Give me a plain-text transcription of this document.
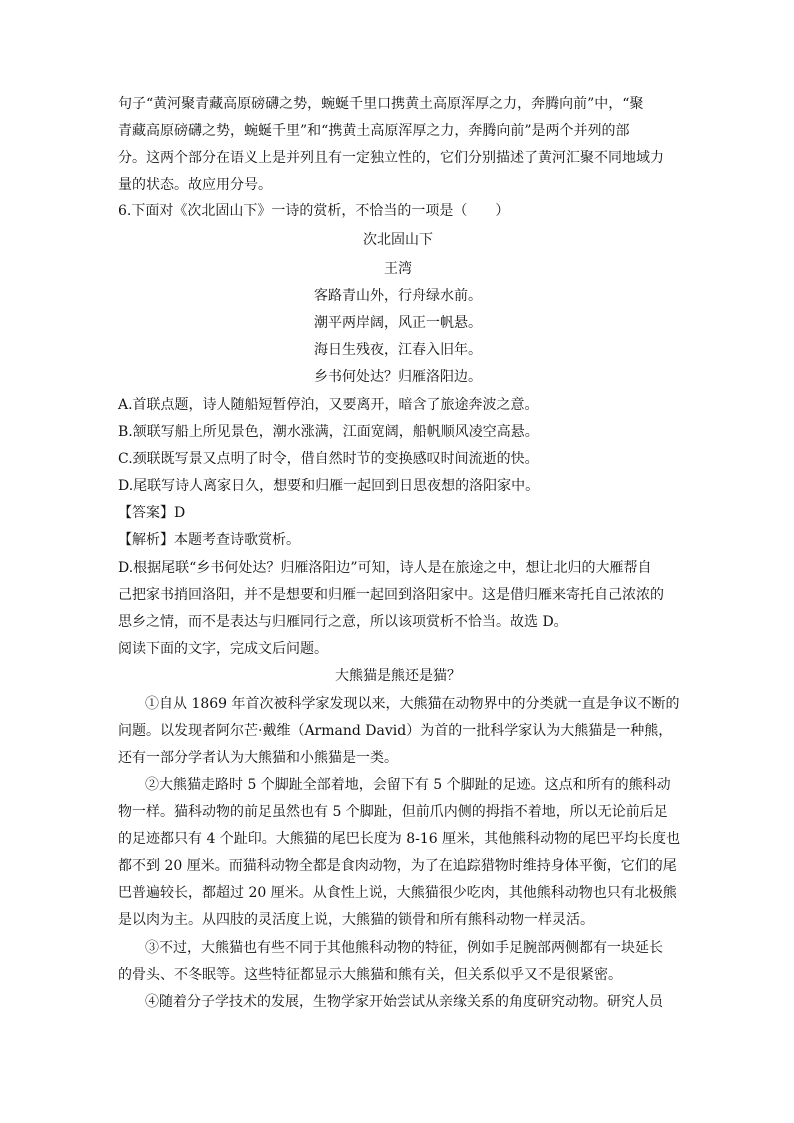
句子“黄河聚青藏高原磅礴之势，蜿蜒千里口携黄土高原浑厚之力，奔腾向前”中，“聚
青藏高原磅礴之势，蜿蜒千里”和“携黄土高原浑厚之力，奔腾向前”是两个并列的部
分。这两个部分在语义上是并列且有一定独立性的，它们分别描述了黄河汇聚不同地域力
量的状态。故应用分号。
6.下面对《次北固山下》一诗的赏析，不恰当的一项是（　　）
次北固山下
王湾
客路青山外，行舟绿水前。
潮平两岸阔，风正一帆悬。
海日生残夜，江春入旧年。
乡书何处达？归雁洛阳边。
A.首联点题，诗人随船短暂停泊，又要离开，暗含了旅途奔波之意。
B.颔联写船上所见景色，潮水涨满，江面宽阔，船帆顺风凌空高悬。
C.颈联既写景又点明了时令，借自然时节的变换感叹时间流逝的快。
D.尾联写诗人离家日久，想要和归雁一起回到日思夜想的洛阳家中。
【答案】D
【解析】本题考查诗歌赏析。
D.根据尾联“乡书何处达？归雁洛阳边”可知，诗人是在旅途之中，想让北归的大雁帮自
己把家书捎回洛阳，并不是想要和归雁一起回到洛阳家中。这是借归雁来寄托自己浓浓的
思乡之情，而不是表达与归雁同行之意，所以该项赏析不恰当。故选 D。
阅读下面的文字，完成文后问题。
大熊猫是熊还是猫？
①自从 1869 年首次被科学家发现以来，大熊猫在动物界中的分类就一直是争议不断的
问题。以发现者阿尔芒·戴维（Armand David）为首的一批科学家认为大熊猫是一种熊，
还有一部分学者认为大熊猫和小熊猫是一类。
②大熊猫走路时 5 个脚趾全部着地，会留下有 5 个脚趾的足迹。这点和所有的熊科动
物一样。猫科动物的前足虽然也有 5 个脚趾，但前爪内侧的拇指不着地，所以无论前后足
的足迹都只有 4 个趾印。大熊猫的尾巴长度为 8-16 厘米，其他熊科动物的尾巴平均长度也
都不到 20 厘米。而猫科动物全都是食肉动物，为了在追踪猎物时维持身体平衡，它们的尾
巴普遍较长，都超过 20 厘米。从食性上说，大熊猫很少吃肉，其他熊科动物也只有北极熊
是以肉为主。从四肢的灵活度上说，大熊猫的锁骨和所有熊科动物一样灵活。
③不过，大熊猫也有些不同于其他熊科动物的特征，例如手足腕部两侧都有一块延长
的骨头、不冬眠等。这些特征都显示大熊猫和熊有关，但关系似乎又不是很紧密。
④随着分子学技术的发展，生物学家开始尝试从亲缘关系的角度研究动物。研究人员
